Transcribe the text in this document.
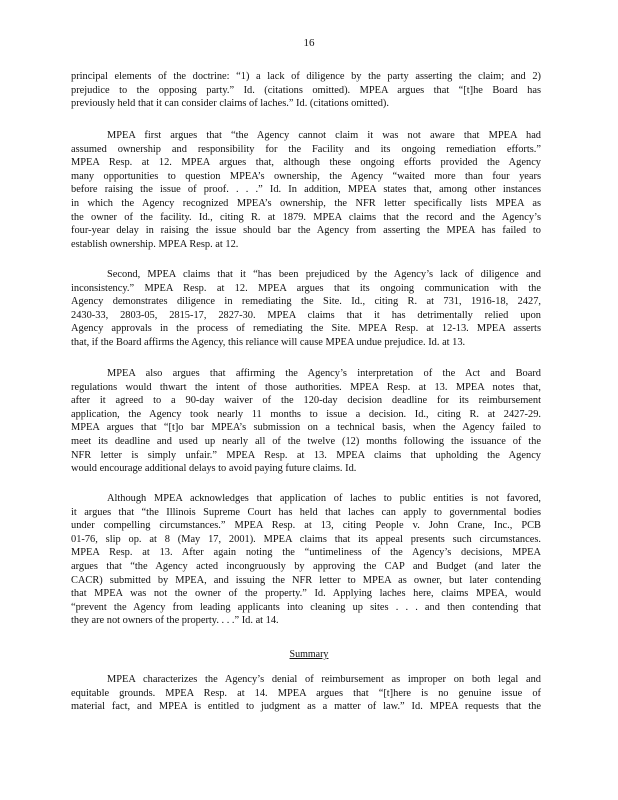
16
principal elements of the doctrine: “1) a lack of diligence by the party asserting the claim; and 2)
prejudice to the opposing party.” Id. (citations omitted). MPEA argues that “[t]he Board has
previously held that it can consider claims of laches.” Id. (citations omitted).
MPEA first argues that “the Agency cannot claim it was not aware that MPEA had
assumed ownership and responsibility for the Facility and its ongoing remediation efforts.”
MPEA Resp. at 12. MPEA argues that, although these ongoing efforts provided the Agency
many opportunities to question MPEA’s ownership, the Agency “waited more than four years
before raising the issue of proof. . . .” Id. In addition, MPEA states that, among other instances
in which the Agency recognized MPEA’s ownership, the NFR letter specifically lists MPEA as
the owner of the facility. Id., citing R. at 1879. MPEA claims that the record and the Agency’s
four-year delay in raising the issue should bar the Agency from asserting the MPEA has failed to
establish ownership. MPEA Resp. at 12.
Second, MPEA claims that it “has been prejudiced by the Agency’s lack of diligence and
inconsistency.” MPEA Resp. at 12. MPEA argues that its ongoing communication with the
Agency demonstrates diligence in remediating the Site. Id., citing R. at 731, 1916-18, 2427,
2430-33, 2803-05, 2815-17, 2827-30. MPEA claims that it has detrimentally relied upon
Agency approvals in the process of remediating the Site. MPEA Resp. at 12-13. MPEA asserts
that, if the Board affirms the Agency, this reliance will cause MPEA undue prejudice. Id. at 13.
MPEA also argues that affirming the Agency’s interpretation of the Act and Board
regulations would thwart the intent of those authorities. MPEA Resp. at 13. MPEA notes that,
after it agreed to a 90-day waiver of the 120-day decision deadline for its reimbursement
application, the Agency took nearly 11 months to issue a decision. Id., citing R. at 2427-29.
MPEA argues that “[t]o bar MPEA’s submission on a technical basis, when the Agency failed to
meet its deadline and used up nearly all of the twelve (12) months following the issuance of the
NFR letter is simply unfair.” MPEA Resp. at 13. MPEA claims that upholding the Agency
would encourage additional delays to avoid paying future claims. Id.
Although MPEA acknowledges that application of laches to public entities is not favored,
it argues that “the Illinois Supreme Court has held that laches can apply to governmental bodies
under compelling circumstances.” MPEA Resp. at 13, citing People v. John Crane, Inc., PCB
01-76, slip op. at 8 (May 17, 2001). MPEA claims that its appeal presents such circumstances.
MPEA Resp. at 13. After again noting the “untimeliness of the Agency’s decisions, MPEA
argues that “the Agency acted incongruously by approving the CAP and Budget (and later the
CACR) submitted by MPEA, and issuing the NFR letter to MPEA as owner, but later contending
that MPEA was not the owner of the property.” Id. Applying laches here, claims MPEA, would
“prevent the Agency from leading applicants into cleaning up sites . . . and then contending that
they are not owners of the property. . . .” Id. at 14.
Summary
MPEA characterizes the Agency’s denial of reimbursement as improper on both legal and
equitable grounds. MPEA Resp. at 14. MPEA argues that “[t]here is no genuine issue of
material fact, and MPEA is entitled to judgment as a matter of law.” Id. MPEA requests that the
